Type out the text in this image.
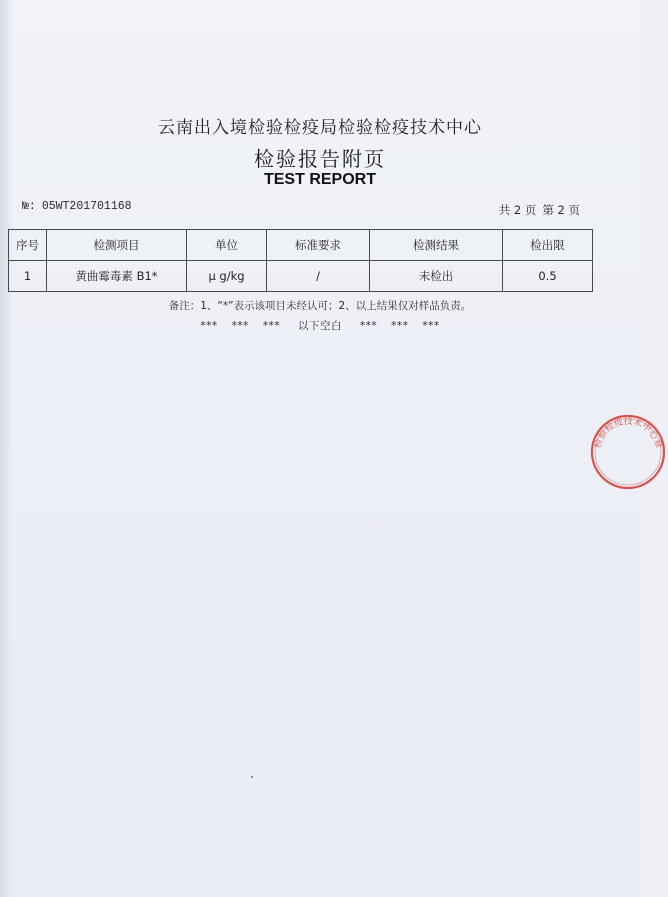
云南出入境检验检疫局检验检疫技术中心
检验报告附页
TEST REPORT
№: 05WT201701168	共 2 页 第 2 页
序号	检测项目	单位	标准要求	检测结果	检出限
1	黄曲霉毒素 B1*	μ g/kg	/	未检出	0.5
备注：1、“*”表示该项目未经认可；2、以上结果仅对样品负责。
*** *** *** 以下空白 *** *** ***
检验检疫技术中心章
